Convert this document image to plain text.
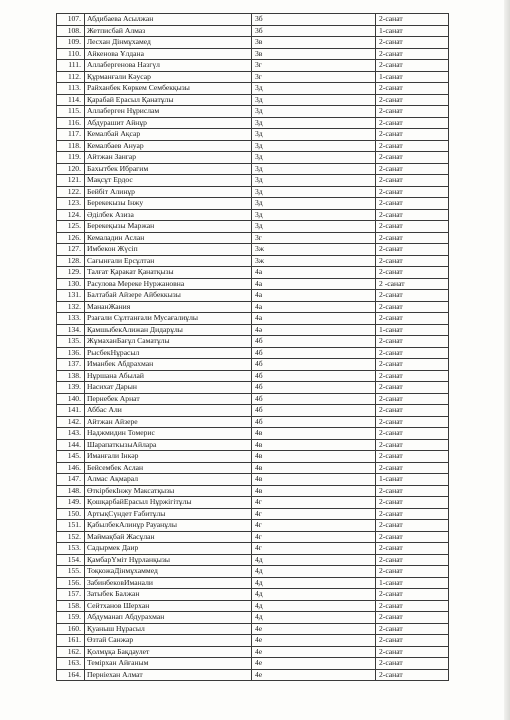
107.	Абдибаева Асылжан	3б	2-санат
108.	Жетписбай Алмаз	3б	1-санат
109.	Лесхан Дінмұхамед	3в	2-санат
110.	Айкенова Ұлдана	3в	2-санат
111.	Аллабергенова Назгүл	3г	2-санат
112.	Құрманғали Кәусар	3г	1-санат
113.	Райханбек Көркем Сембекқызы	3д	2-санат
114.	Қарабай Ерасыл Қанатұлы	3д	2-санат
115.	Аллаберген Нұрислам	3д	2-санат
116.	Абдурашит Айнұр	3д	2-санат
117.	Кемалбай Ақсар	3д	2-санат
118.	Кемалбаев Ануар	3д	2-санат
119.	Айтжан Зангар	3д	2-санат
120.	Бахытбек Ибрагим	3д	2-санат
121.	Мақсұт Ердос	3д	2-санат
122.	Бейбіт Алинұр	3д	2-санат
123.	Берекекызы Інжу	3д	2-санат
124.	Әділбек Азиза	3д	2-санат
125.	Берекеқызы Маржан	3д	2-санат
126.	Кемаладин Аслан	3г	2-санат
127.	Имбекон Жүсіп	3ж	2-санат
128.	Сағынғали Ерсұлтан	3ж	2-санат
129.	Талғат Қаракат Қанатқызы	4а	2-санат
130.	Расулова Мереке Нуржановна	4а	2 -санат
131.	Балтабай Айзере Айбеккызы	4а	2-санат
132.	МананЖания	4а	2-санат
133.	Рзағали Сұлтанғали Мусағалиұлы	4а	2-санат
134.	ҚамшыбекАлижан Дидарұлы	4ә	1-санат
135.	ЖұмаханБағұл Саматұлы	4б	2-санат
136.	РысбекНұрасыл	4б	2-санат
137.	Иманбек Абдрахман	4б	2-санат
138.	Нұршана Абылай	4б	2-санат
139.	Насихат Дарын	4б	2-санат
140.	Пернебек Арнат	4б	2-санат
141.	Аббас Али	4б	2-санат
142.	Айтжан Айзере	4б	2-санат
143.	Наджмидин Томерис	4в	2-санат
144.	ШарапаткызыАйлара	4в	2-санат
145.	Иманғали Інкәр	4в	2-санат
146.	Бейсембек Аслан	4в	2-санат
147.	Алмас Ақмарал	4в	1-санат
148.	ӨткірбекІнжу Максатқызы	4в	2-санат
149.	ҚошқарбайЕрасыл Нұржігітұлы	4г	2-санат
150.	АртықСүндет Ғабитұлы	4г	2-санат
151.	ҚабылбекАлинұр Рауанұлы	4г	2-санат
152.	Маймақбай Жасұлан	4г	2-санат
153.	Садырмек Даир	4г	2-санат
154.	ҚамбарҮміт Нұрланқызы	4д	2-санат
155.	ТоқкожаДінмұхаммед	4д	2-санат
156.	ЗабинбековИманали	4д	1-санат
157.	Затыбек Балжан	4д	2-санат
158.	Сейтханов Шерхан	4д	2-санат
159.	Абдуманап Абдурахман	4д	2-санат
160.	Қуаныш Нұрасыл	4е	2-санат
161.	Өзтай Санжар	4е	2-санат
162.	Қолмұқа Бақдаулет	4е	2-санат
163.	Темірхан Айғаным	4е	2-санат
164.	Перніехан Алмат	4е	2-санат
